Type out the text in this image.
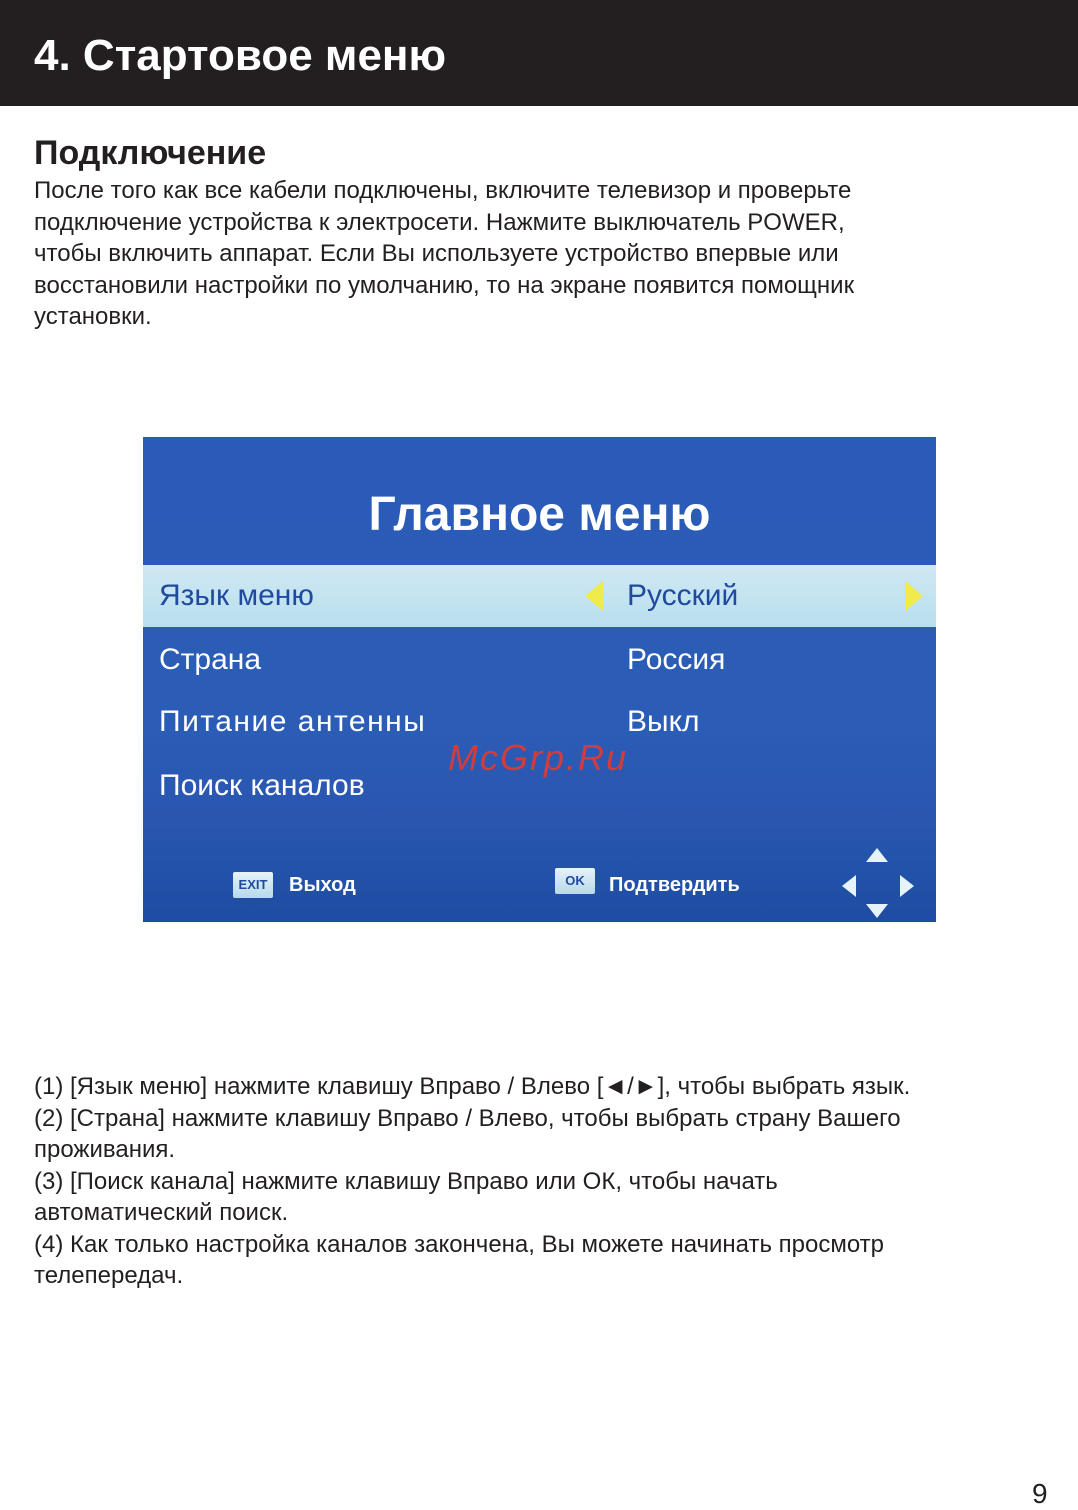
4. Стартовое меню
Подключение

После того как все кабели подключены, включите телевизор и проверьте
подключение устройства к электросети. Нажмите выключатель POWER,
чтобы включить аппарат. Если Вы используете устройство впервые или
восстановили настройки по умолчанию, то на экране появится помощник
установки.

Главное меню
Язык меню	Русский
Страна	Россия
Питание антенны	Выкл
Поиск каналов
McGrp.Ru
EXIT Выход	OK	Подтвердить

(1) [Язык меню] нажмите клавишу Вправо / Влево [◄/►], чтобы выбрать язык.
(2) [Страна] нажмите клавишу Вправо / Влево, чтобы выбрать страну Вашего
проживания.
(3) [Поиск канала] нажмите клавишу Вправо или ОК, чтобы начать
автоматический поиск.
(4) Как только настройка каналов закончена, Вы можете начинать просмотр
телепередач.

9
